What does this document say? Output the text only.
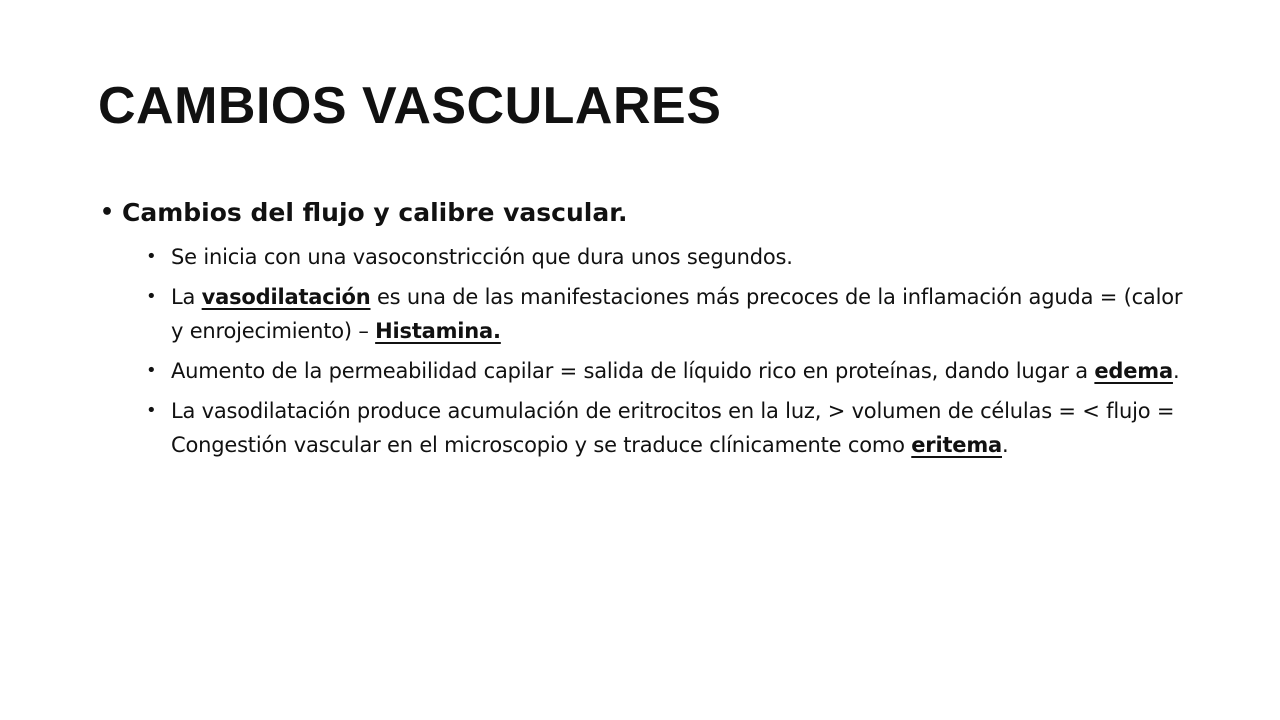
CAMBIOS VASCULARES
• Cambios del flujo y calibre vascular.
• Se inicia con una vasoconstricción que dura unos segundos.
• La vasodilatación es una de las manifestaciones más precoces de la inflamación aguda = (calor y enrojecimiento) – Histamina.
• Aumento de la permeabilidad capilar = salida de líquido rico en proteínas, dando lugar a edema.
• La vasodilatación produce acumulación de eritrocitos en la luz, > volumen de células = < flujo = Congestión vascular en el microscopio y se traduce clínicamente como eritema.
